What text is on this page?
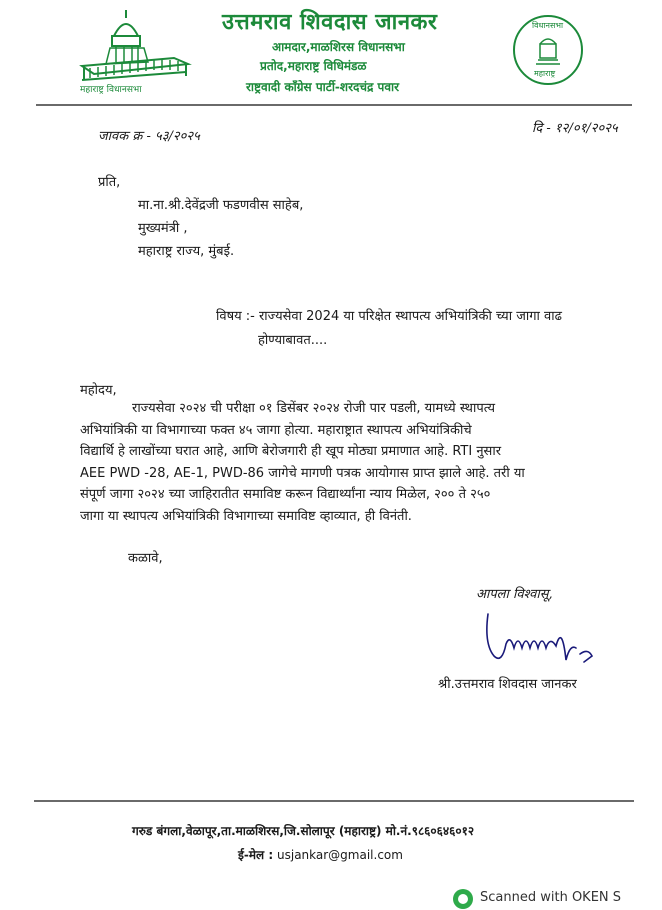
महाराष्ट्र विधानसभा
उत्तमराव शिवदास जानकर
आमदार,माळशिरस विधानसभा
प्रतोद,महाराष्ट्र विधिमंडळ
राष्ट्रवादी काँग्रेस पार्टी-शरदचंद्र पवार
विधानसभा
महाराष्ट्र
जावक क्र - ५३/२०२५
दि - १२/०१/२०२५
प्रति,
मा.ना.श्री.देवेंद्रजी फडणवीस साहेब,
मुख्यमंत्री ,
महाराष्ट्र राज्य, मुंबई.
विषय :- राज्यसेवा 2024 या परिक्षेत स्थापत्य अभियांत्रिकी च्या जागा वाढ
होण्याबावत....
महोदय,
राज्यसेवा २०२४ ची परीक्षा ०१ डिसेंबर २०२४ रोजी पार पडली, यामध्ये स्थापत्य
अभियांत्रिकी या विभागाच्या फक्त ४५ जागा होत्या. महाराष्ट्रात स्थापत्य अभियांत्रिकीचे
विद्यार्थि हे लाखोंच्या घरात आहे, आणि बेरोजगारी ही खूप मोठ्या प्रमाणात आहे. RTI नुसार
AEE PWD -28, AE-1, PWD-86 जागेचे मागणी पत्रक आयोगास प्राप्त झाले आहे. तरी या
संपूर्ण जागा २०२४ च्या जाहिरातीत समाविष्ट करून विद्यार्थ्यांना न्याय मिळेल, २०० ते २५०
जागा या स्थापत्य अभियांत्रिकी विभागाच्या समाविष्ट व्हाव्यात, ही विनंती.
कळावे,
आपला विश्वासू,
श्री.उत्तमराव शिवदास जानकर
गरुड बंगला,वेळापूर,ता.माळशिरस,जि.सोलापूर (महाराष्ट्र) मो.नं.९८६०६४६०१२
ई-मेल : usjankar@gmail.com
Scanned with OKEN S
